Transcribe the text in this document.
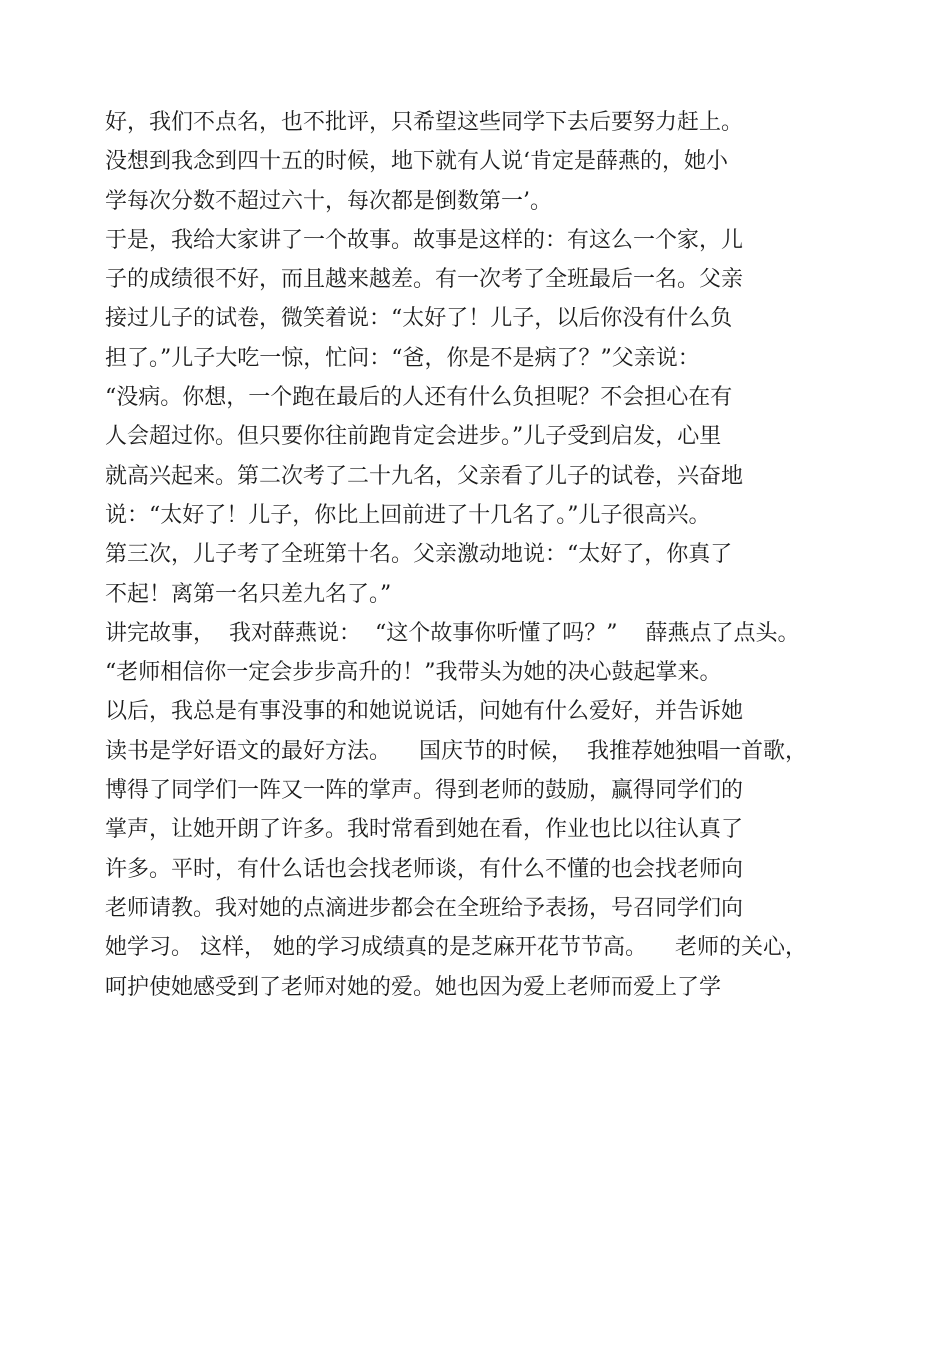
好，我们不点名，也不批评，只希望这些同学下去后要努力赶上。
没想到我念到四十五的时候，地下就有人说‘肯定是薛燕的，她小
学每次分数不超过六十，每次都是倒数第一’。
于是，我给大家讲了一个故事。故事是这样的：有这么一个家，儿
子的成绩很不好，而且越来越差。有一次考了全班最后一名。父亲
接过儿子的试卷，微笑着说：“太好了！儿子，以后你没有什么负
担了。”儿子大吃一惊，忙问：“爸，你是不是病了？”父亲说：
“没病。你想，一个跑在最后的人还有什么负担呢？不会担心在有
人会超过你。但只要你往前跑肯定会进步。”儿子受到启发，心里
就高兴起来。第二次考了二十九名，父亲看了儿子的试卷，兴奋地
说：“太好了！儿子，你比上回前进了十几名了。”儿子很高兴。
第三次，儿子考了全班第十名。父亲激动地说：“太好了，你真了
不起！离第一名只差九名了。”
讲完故事，  我对薛燕说：  “这个故事你听懂了吗？”    薛燕点了点头。
“老师相信你一定会步步高升的！”我带头为她的决心鼓起掌来。
以后，我总是有事没事的和她说说话，问她有什么爱好，并告诉她
读书是学好语文的最好方法。    国庆节的时候，  我推荐她独唱一首歌，
博得了同学们一阵又一阵的掌声。得到老师的鼓励，赢得同学们的
掌声，让她开朗了许多。我时常看到她在看，作业也比以往认真了
许多。平时，有什么话也会找老师谈，有什么不懂的也会找老师向
老师请教。我对她的点滴进步都会在全班给予表扬，号召同学们向
她学习。 这样， 她的学习成绩真的是芝麻开花节节高。    老师的关心，
呵护使她感受到了老师对她的爱。她也因为爱上老师而爱上了学
